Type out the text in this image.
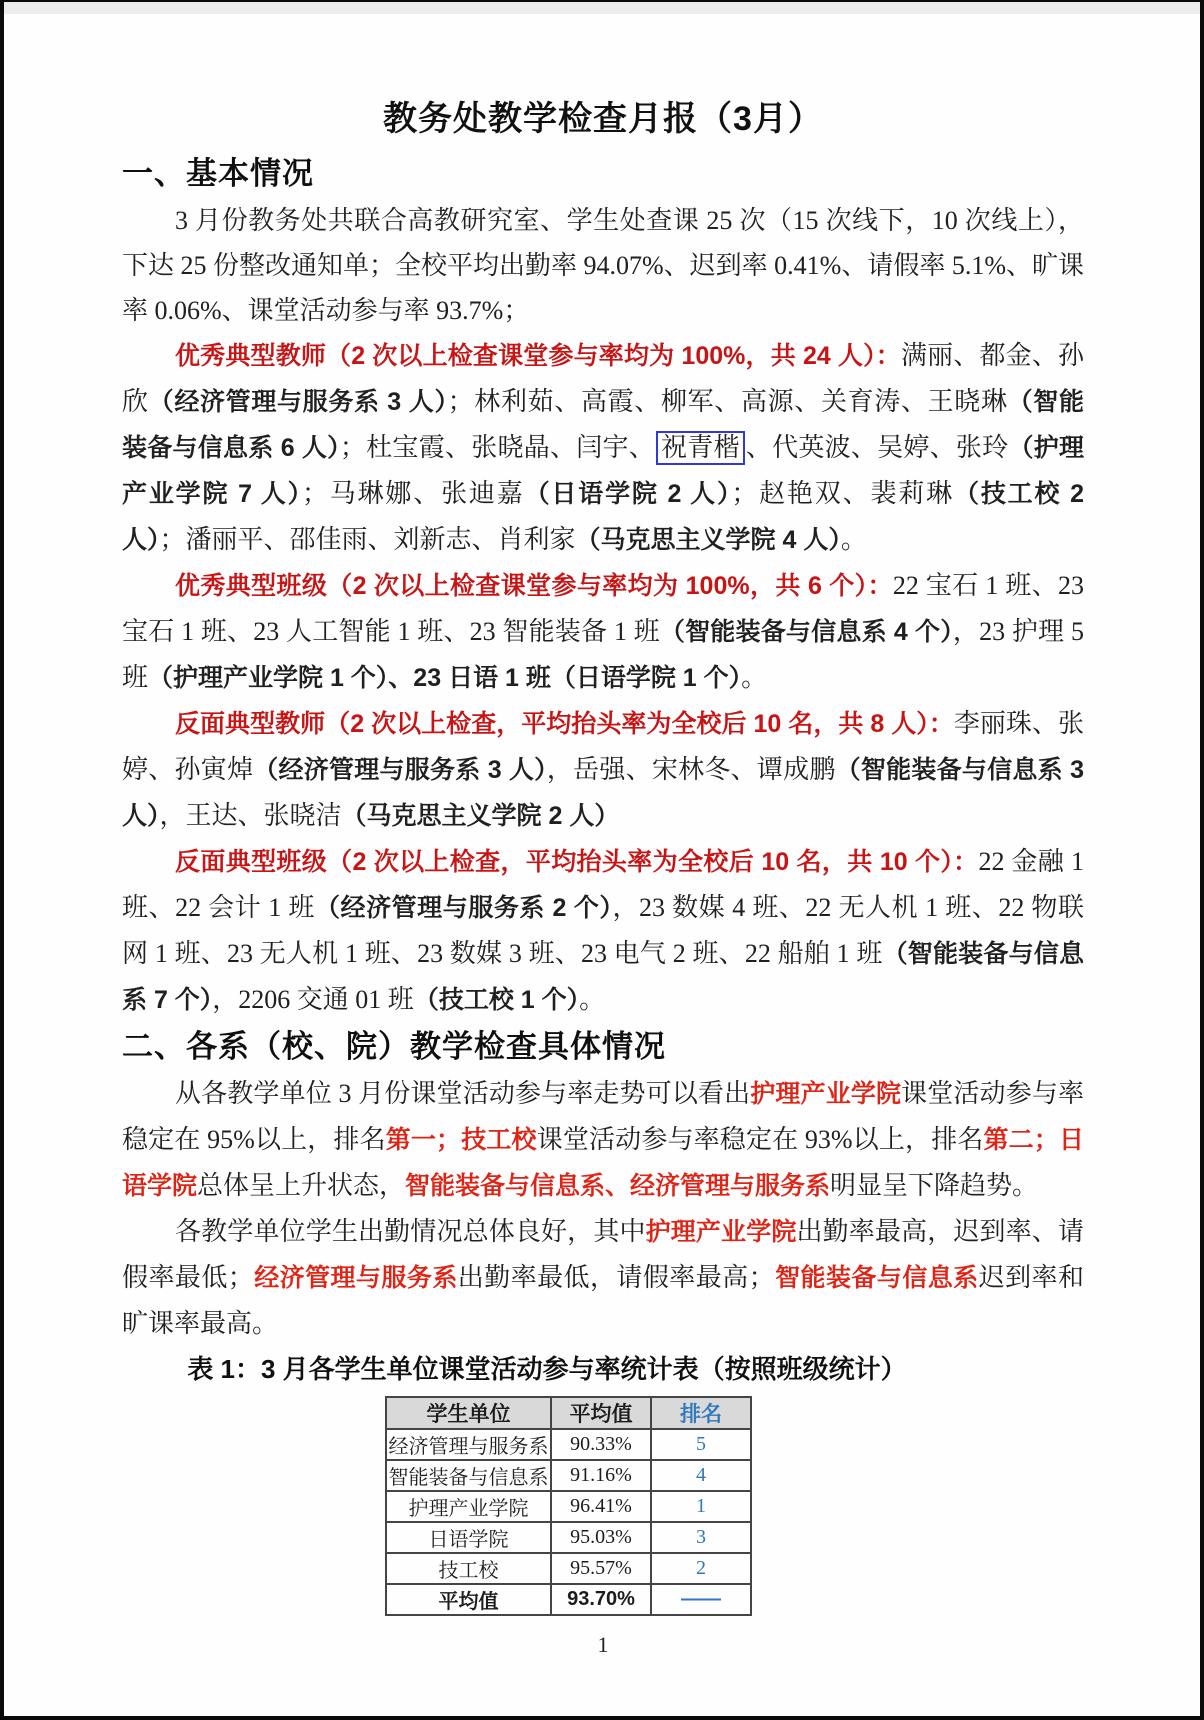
教务处教学检查月报（3月）
一、基本情况

3 月份教务处共联合高教研究室、学生处查课 25 次（15 次线下，10 次线上），下达 25 份整改通知单；全校平均出勤率 94.07%、迟到率 0.41%、请假率 5.1%、旷课率 0.06%、课堂活动参与率 93.7%；

优秀典型教师（2 次以上检查课堂参与率均为 100%，共 24 人）：满丽、都金、孙欣（经济管理与服务系 3 人）；林利茹、高霞、柳军、高源、关育涛、王晓琳（智能装备与信息系 6 人）；杜宝霞、张晓晶、闫宇、 祝青楷 、代英波、吴婷、张玲（护理产业学院 7 人）；马琳娜、张迪嘉（日语学院 2 人）；赵艳双、裴莉琳（技工校 2 人）；潘丽平、邵佳雨、刘新志、肖利家（马克思主义学院 4 人）。

优秀典型班级（2 次以上检查课堂参与率均为 100%，共 6 个）：22 宝石 1 班、23 宝石 1 班、23 人工智能 1 班、23 智能装备 1 班（智能装备与信息系 4 个），23 护理 5 班（护理产业学院 1 个）、23 日语 1 班（日语学院 1 个）。

反面典型教师（2 次以上检查，平均抬头率为全校后 10 名，共 8 人）：李丽珠、张婷、孙寅焯（经济管理与服务系 3 人），岳强、宋林冬、谭成鹏（智能装备与信息系 3 人），王达、张晓洁（马克思主义学院 2 人）

反面典型班级（2 次以上检查，平均抬头率为全校后 10 名，共 10 个）：22 金融 1 班、22 会计 1 班（经济管理与服务系 2 个），23 数媒 4 班、22 无人机 1 班、22 物联网 1 班、23 无人机 1 班、23 数媒 3 班、23 电气 2 班、22 船舶 1 班（智能装备与信息系 7 个），2206 交通 01 班（技工校 1 个）。

二、各系（校、院）教学检查具体情况

从各教学单位 3 月份课堂活动参与率走势可以看出护理产业学院课堂活动参与率稳定在 95%以上，排名第一；技工校课堂活动参与率稳定在 93%以上，排名第二；日语学院总体呈上升状态，智能装备与信息系、经济管理与服务系明显呈下降趋势。

各教学单位学生出勤情况总体良好，其中护理产业学院出勤率最高，迟到率、请假率最低；经济管理与服务系出勤率最低，请假率最高；智能装备与信息系迟到率和旷课率最高。

表 1：3 月各学生单位课堂活动参与率统计表（按照班级统计）
学生单位	平均值	排名
经济管理与服务系	90.33%	5
智能装备与信息系	91.16%	4
护理产业学院	96.41%	1
日语学院	95.03%	3
技工校	95.57%	2
平均值	93.70%	——
1
